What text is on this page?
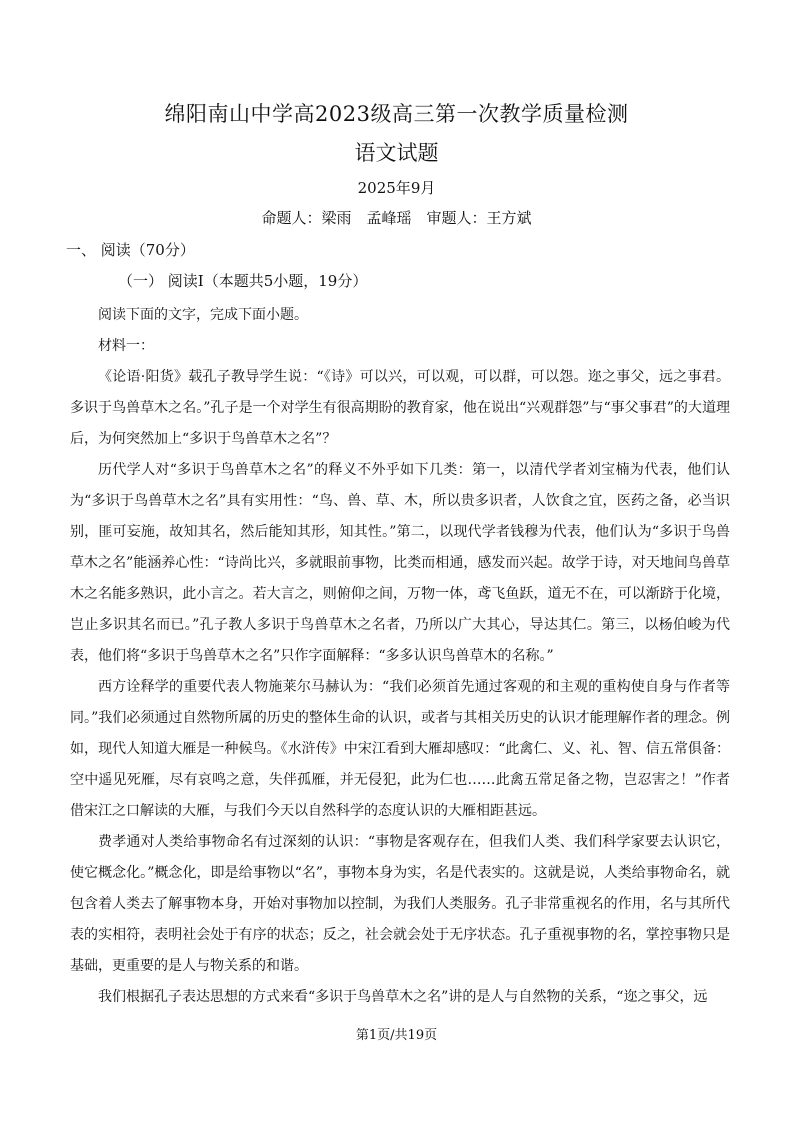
绵阳南山中学高2023级高三第一次教学质量检测
语文试题
2025年9月
命题人：梁雨　孟峰瑶　审题人：王方斌
一、 阅读（70分）
（一） 阅读Ⅰ（本题共5小题，19分）

阅读下面的文字，完成下面小题。

材料一：

《论语·阳货》载孔子教导学生说：“《诗》可以兴，可以观，可以群，可以怨。迩之事父，远之事君。多识于鸟兽草木之名。”孔子是一个对学生有很高期盼的教育家，他在说出“兴观群怨”与“事父事君”的大道理后，为何突然加上“多识于鸟兽草木之名”？

历代学人对“多识于鸟兽草木之名”的释义不外乎如下几类：第一，以清代学者刘宝楠为代表，他们认为“多识于鸟兽草木之名”具有实用性：“鸟、兽、草、木，所以贵多识者，人饮食之宜，医药之备，必当识别，匪可妄施，故知其名，然后能知其形，知其性。”第二，以现代学者钱穆为代表，他们认为“多识于鸟兽草木之名”能涵养心性：“诗尚比兴，多就眼前事物，比类而相通，感发而兴起。故学于诗，对天地间鸟兽草木之名能多熟识，此小言之。若大言之，则俯仰之间，万物一体，鸢飞鱼跃，道无不在，可以渐跻于化境，岂止多识其名而已。”孔子教人多识于鸟兽草木之名者，乃所以广大其心，导达其仁。第三，以杨伯峻为代表，他们将“多识于鸟兽草木之名”只作字面解释：“多多认识鸟兽草木的名称。”

西方诠释学的重要代表人物施莱尔马赫认为：“我们必须首先通过客观的和主观的重构使自身与作者等同。”我们必须通过自然物所属的历史的整体生命的认识，或者与其相关历史的认识才能理解作者的理念。例如，现代人知道大雁是一种候鸟。《水浒传》中宋江看到大雁却感叹：“此禽仁、义、礼、智、信五常俱备：空中遥见死雁，尽有哀鸣之意，失伴孤雁，并无侵犯，此为仁也……此禽五常足备之物，岂忍害之！”作者借宋江之口解读的大雁，与我们今天以自然科学的态度认识的大雁相距甚远。

费孝通对人类给事物命名有过深刻的认识：“事物是客观存在，但我们人类、我们科学家要去认识它，使它概念化。”概念化，即是给事物以“名”，事物本身为实，名是代表实的。这就是说，人类给事物命名，就包含着人类去了解事物本身，开始对事物加以控制，为我们人类服务。孔子非常重视名的作用，名与其所代表的实相符，表明社会处于有序的状态；反之，社会就会处于无序状态。孔子重视事物的名，掌控事物只是基础，更重要的是人与物关系的和谐。

我们根据孔子表达思想的方式来看“多识于鸟兽草木之名”讲的是人与自然物的关系，“迩之事父，远

第1页/共19页
